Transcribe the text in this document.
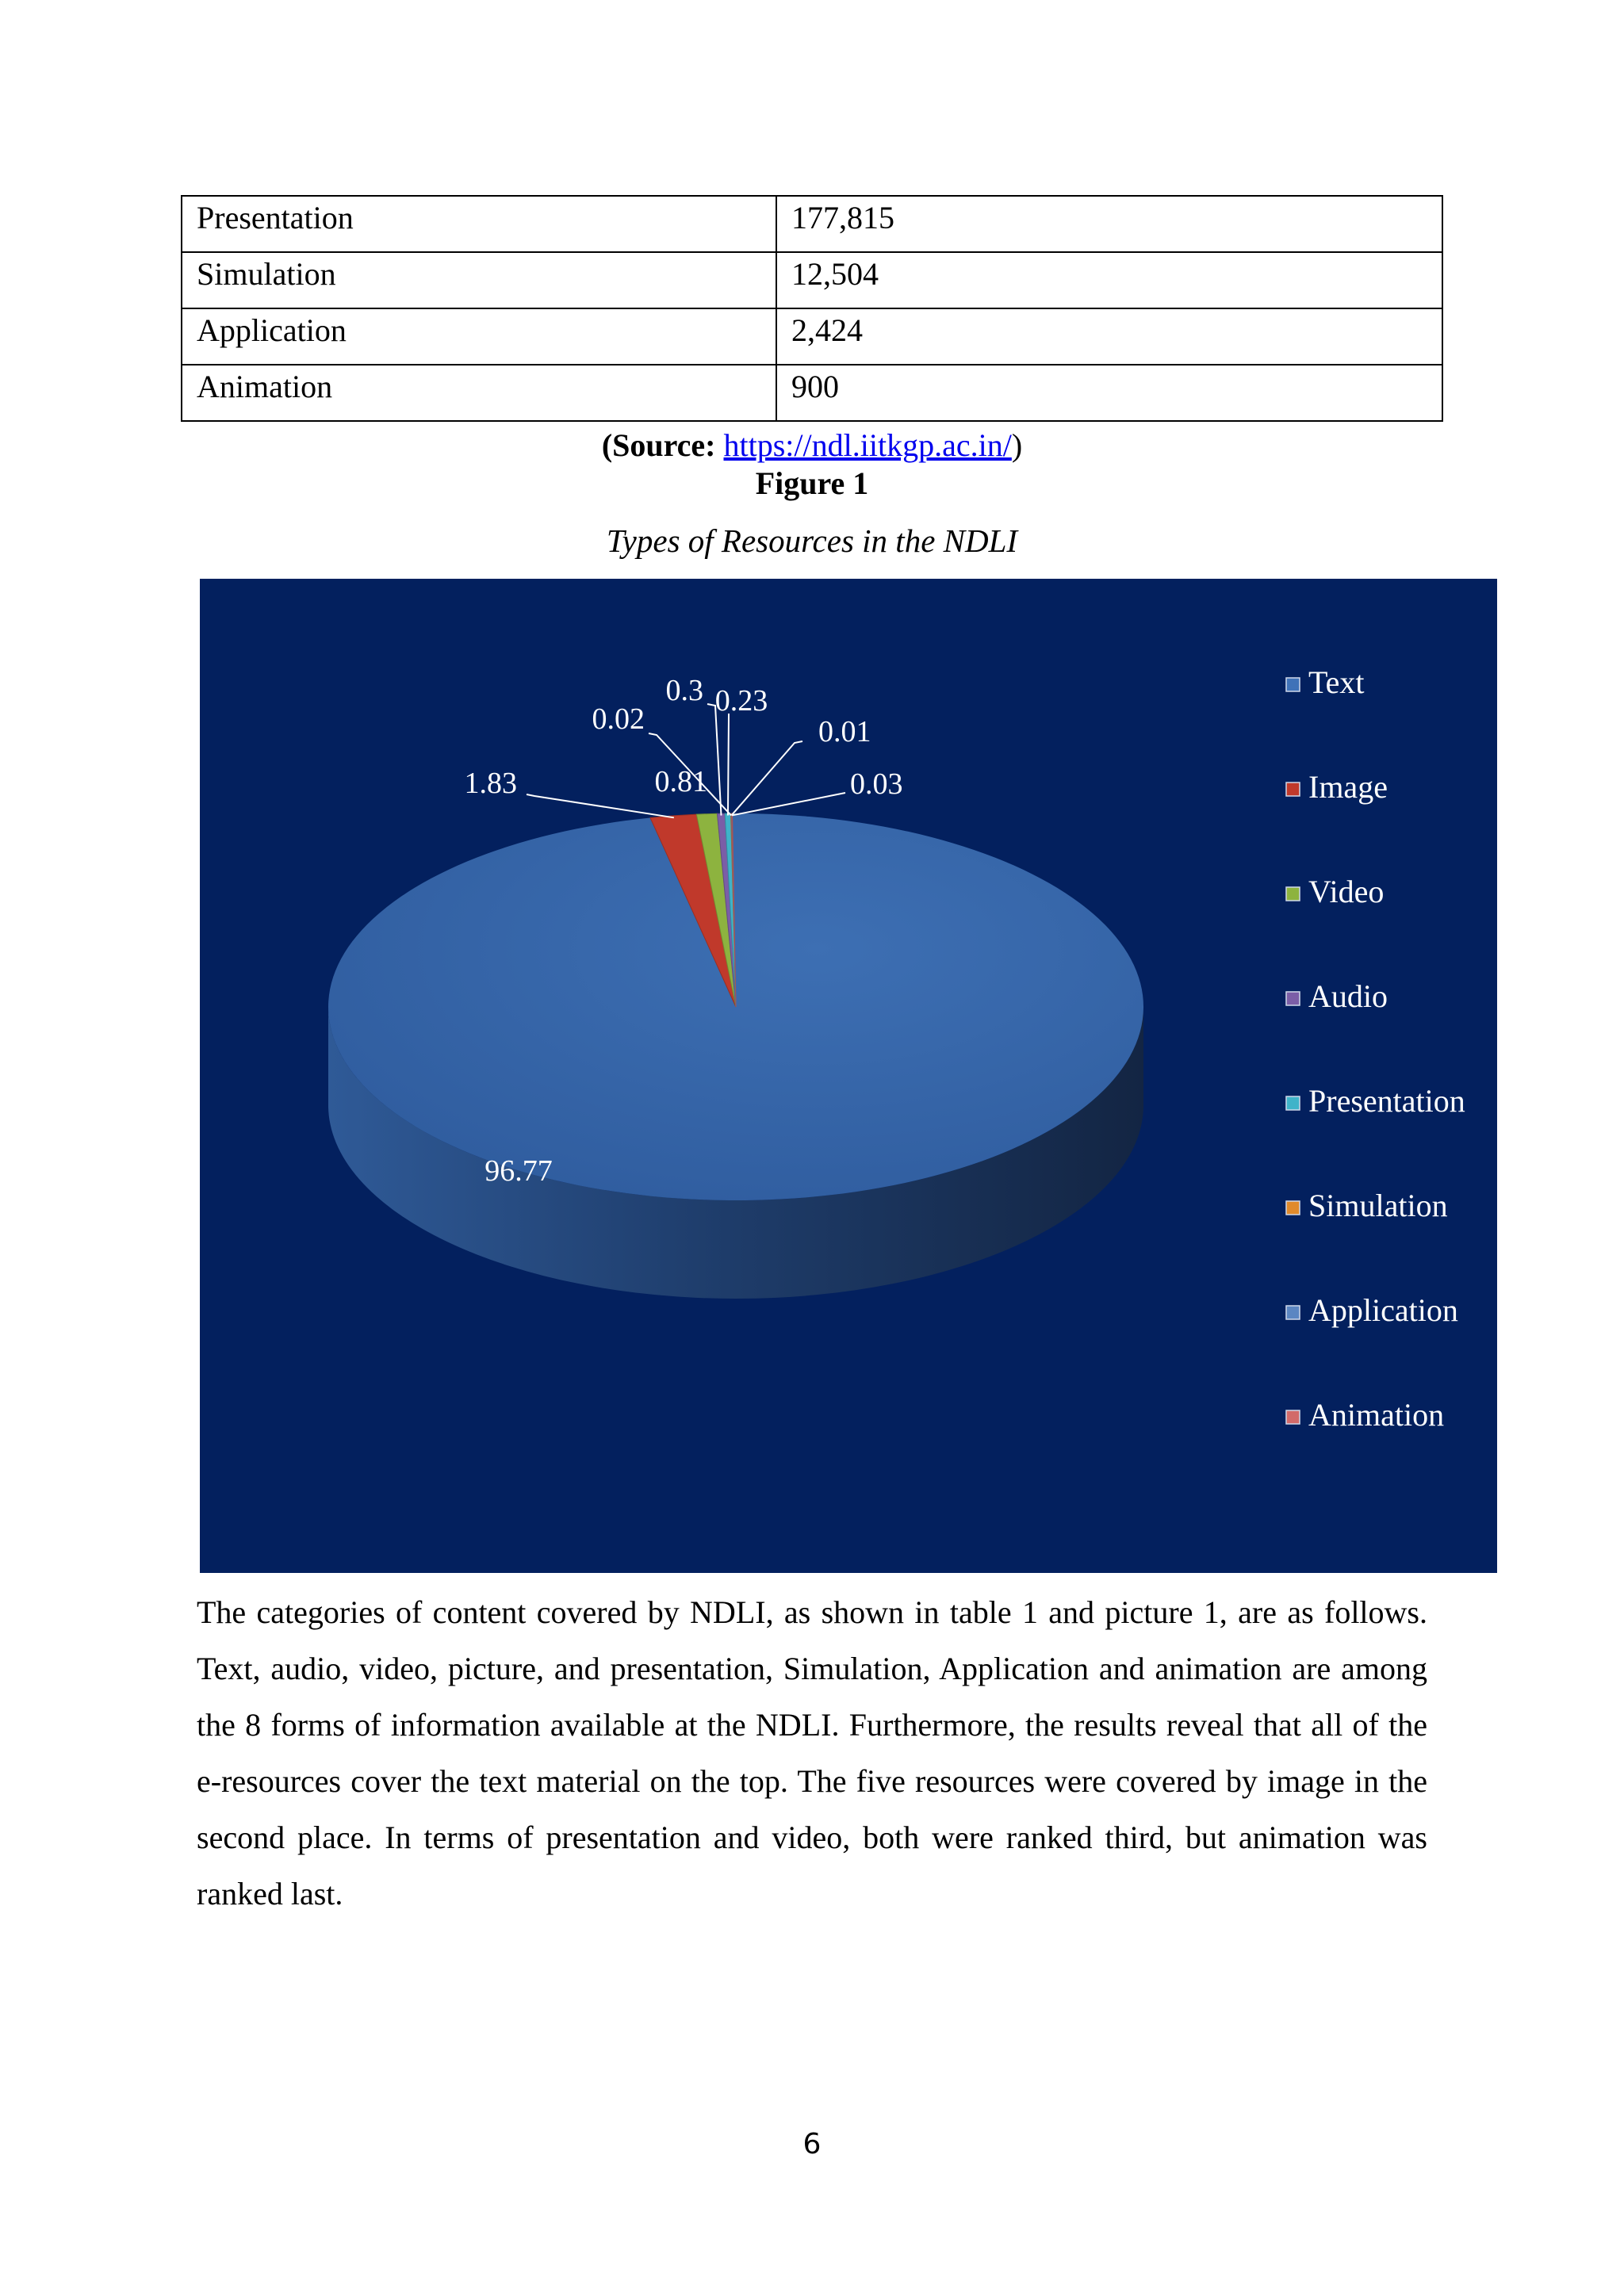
Presentation	177,815
Simulation	12,504
Application	2,424
Animation	900
(Source: https://ndl.iitkgp.ac.in/)
Figure 1
Types of Resources in the NDLI
96.77
1.83	0.81
0.3 0.23
0.02	0.01
0.03
Text
Image
Video
Audio
Presentation
Simulation
Application
Animation

The categories of content covered by NDLI, as shown in table 1 and picture 1, are as follows. Text, audio, video, picture, and presentation, Simulation, Application and animation are among the 8 forms of information available at the NDLI. Furthermore, the results reveal that all of the e-resources cover the text material on the top. The five resources were covered by image in the second place. In terms of presentation and video, both were ranked third, but animation was ranked last.

6
